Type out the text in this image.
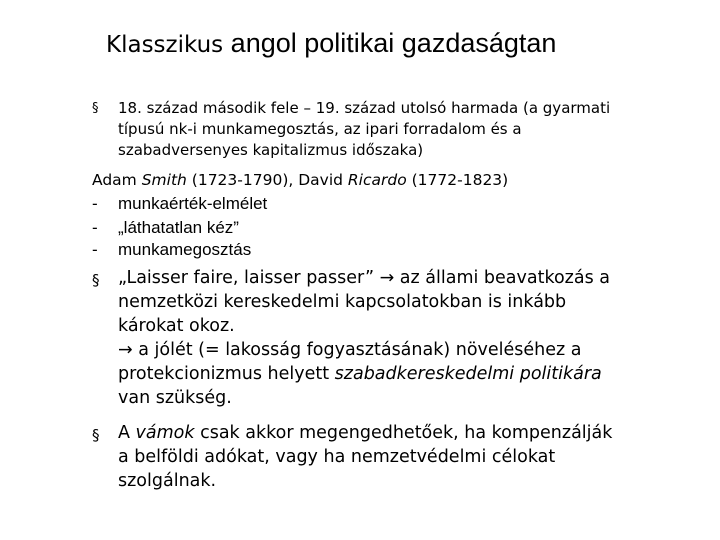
Klasszikus angol politikai gazdaságtan
§ 18. század második fele – 19. század utolsó harmada (a gyarmati
típusú nk-i munkamegosztás, az ipari forradalom és a
szabadversenyes kapitalizmus időszaka)
Adam Smith (1723-1790), David Ricardo (1772-1823)
- munkaérték-elmélet
- „láthatatlan kéz”
- munkamegosztás
§ „Laisser faire, laisser passer” → az állami beavatkozás a
nemzetközi kereskedelmi kapcsolatokban is inkább
károkat okoz.
→ a jólét (= lakosság fogyasztásának) növeléséhez a
protekcionizmus helyett szabadkereskedelmi politikára
van szükség.
§ A vámok csak akkor megengedhetőek, ha kompenzálják
a belföldi adókat, vagy ha nemzetvédelmi célokat
szolgálnak.
